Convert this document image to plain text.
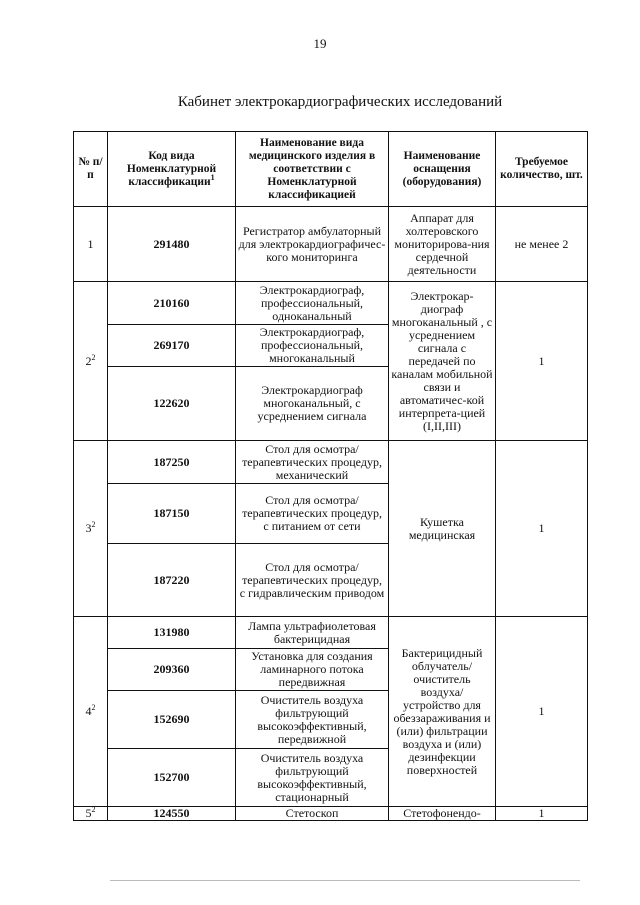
19
Кабинет электрокардиографических исследований
№ п/п	Код вида Номенклатурной классификации$^1$	Наименование вида медицинского изделия в соответствии с Номенклатурной классификацией	Наименование оснащения (оборудования)	Требуемое количество, шт.
1	291480	Регистратор амбулаторный для электрокардиографичес-кого мониторинга	Аппарат для холтеровского мониторирова-ния сердечной деятельности	не менее 2
$2^2$	210160	Электрокардиограф, профессиональный, одноканальный	Электрокар-диограф многоканальный , с усреднением сигнала с передачей по каналам мобильной связи и автоматичес-кой интерпрета-цией (I,II,III)	1
	269170	Электрокардиограф, профессиональный, многоканальный		
	122620	Электрокардиограф многоканальный, с усреднением сигнала		
$3^2$	187250	Стол для осмотра/терапевтических процедур, механический	Кушетка медицинская	1
	187150	Стол для осмотра/терапевтических процедур, с питанием от сети		
	187220	Стол для осмотра/терапевтических процедур, с гидравлическим приводом		
$4^2$	131980	Лампа ультрафиолетовая бактерицидная	Бактерицидный облучатель/ очиститель воздуха/ устройство для обеззараживания и (или) фильтрации воздуха и (или) дезинфекции поверхностей	1
	209360	Установка для создания ламинарного потока передвижная		
	152690	Очиститель воздуха фильтрующий высокоэффективный, передвижной		
	152700	Очиститель воздуха фильтрующий высокоэффективный, стационарный		
$5^2$	124550	Стетоскоп	Стетофонендо-	1
